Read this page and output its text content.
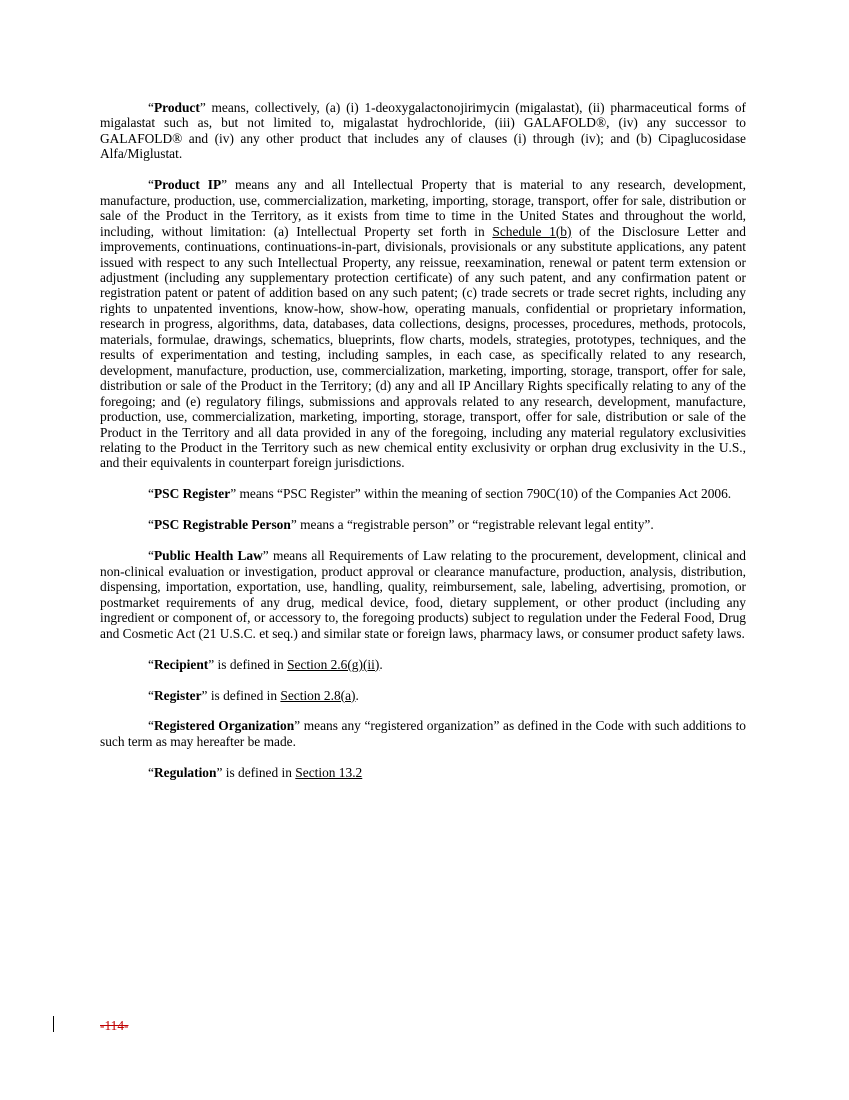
“Product” means, collectively, (a) (i) 1-deoxygalactonojirimycin (migalastat), (ii) pharmaceutical forms of migalastat such as, but not limited to, migalastat hydrochloride, (iii) GALAFOLD®, (iv) any successor to GALAFOLD® and (iv) any other product that includes any of clauses (i) through (iv); and (b) Cipaglucosidase Alfa/Miglustat.

“Product IP” means any and all Intellectual Property that is material to any research, development, manufacture, production, use, commercialization, marketing, importing, storage, transport, offer for sale, distribution or sale of the Product in the Territory, as it exists from time to time in the United States and throughout the world, including, without limitation: (a) Intellectual Property set forth in Schedule 1(b) of the Disclosure Letter and improvements, continuations, continuations-in-part, divisionals, provisionals or any substitute applications, any patent issued with respect to any such Intellectual Property, any reissue, reexamination, renewal or patent term extension or adjustment (including any supplementary protection certificate) of any such patent, and any confirmation patent or registration patent or patent of addition based on any such patent; (c) trade secrets or trade secret rights, including any rights to unpatented inventions, know-how, show-how, operating manuals, confidential or proprietary information, research in progress, algorithms, data, databases, data collections, designs, processes, procedures, methods, protocols, materials, formulae, drawings, schematics, blueprints, flow charts, models, strategies, prototypes, techniques, and the results of experimentation and testing, including samples, in each case, as specifically related to any research, development, manufacture, production, use, commercialization, marketing, importing, storage, transport, offer for sale, distribution or sale of the Product in the Territory; (d) any and all IP Ancillary Rights specifically relating to any of the foregoing; and (e) regulatory filings, submissions and approvals related to any research, development, manufacture, production, use, commercialization, marketing, importing, storage, transport, offer for sale, distribution or sale of the Product in the Territory and all data provided in any of the foregoing, including any material regulatory exclusivities relating to the Product in the Territory such as new chemical entity exclusivity or orphan drug exclusivity in the U.S., and their equivalents in counterpart foreign jurisdictions.

“PSC Register” means “PSC Register” within the meaning of section 790C(10) of the Companies Act 2006.

“PSC Registrable Person” means a “registrable person” or “registrable relevant legal entity”.

“Public Health Law” means all Requirements of Law relating to the procurement, development, clinical and non-clinical evaluation or investigation, product approval or clearance manufacture, production, analysis, distribution, dispensing, importation, exportation, use, handling, quality, reimbursement, sale, labeling, advertising, promotion, or postmarket requirements of any drug, medical device, food, dietary supplement, or other product (including any ingredient or component of, or accessory to, the foregoing products) subject to regulation under the Federal Food, Drug and Cosmetic Act (21 U.S.C. et seq.) and similar state or foreign laws, pharmacy laws, or consumer product safety laws.

“Recipient” is defined in Section 2.6(g)(ii).

“Register” is defined in Section 2.8(a).

“Registered Organization” means any “registered organization” as defined in the Code with such additions to such term as may hereafter be made.

“Regulation” is defined in Section 13.2

-114-
